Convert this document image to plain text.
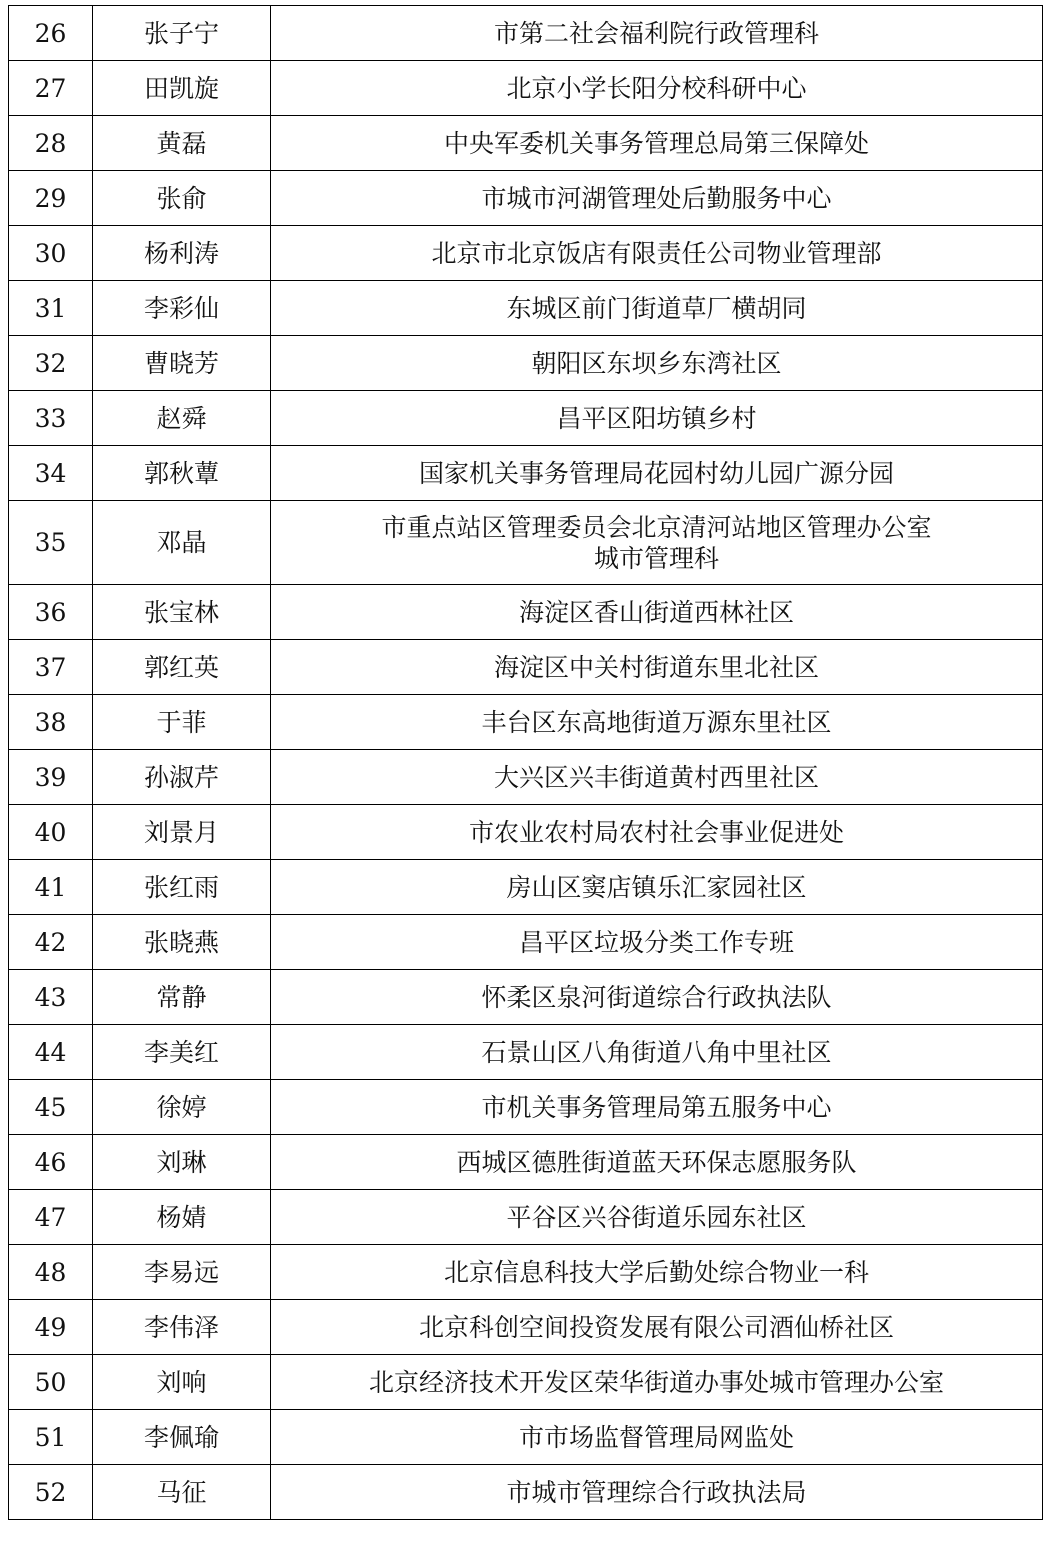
26	张子宁	市第二社会福利院行政管理科

27	田凯旋	北京小学长阳分校科研中心

28	黄磊	中央军委机关事务管理总局第三保障处

29	张俞	市城市河湖管理处后勤服务中心

30	杨利涛	北京市北京饭店有限责任公司物业管理部

31	李彩仙	东城区前门街道草厂横胡同

32	曹晓芳	朝阳区东坝乡东湾社区

33	赵舜	昌平区阳坊镇乡村

34	郭秋蕈	国家机关事务管理局花园村幼儿园广源分园

35	邓晶	市重点站区管理委员会北京清河站地区管理办公室
城市管理科

36	张宝林	海淀区香山街道西林社区

37	郭红英	海淀区中关村街道东里北社区

38	于菲	丰台区东高地街道万源东里社区

39	孙淑芹	大兴区兴丰街道黄村西里社区

40	刘景月	市农业农村局农村社会事业促进处

41	张红雨	房山区窦店镇乐汇家园社区

42	张晓燕	昌平区垃圾分类工作专班

43	常静	怀柔区泉河街道综合行政执法队

44	李美红	石景山区八角街道八角中里社区

45	徐婷	市机关事务管理局第五服务中心

46	刘琳	西城区德胜街道蓝天环保志愿服务队

47	杨婧	平谷区兴谷街道乐园东社区

48	李易远	北京信息科技大学后勤处综合物业一科

49	李伟泽	北京科创空间投资发展有限公司酒仙桥社区

50	刘响	北京经济技术开发区荣华街道办事处城市管理办公室

51	李佩瑜	市市场监督管理局网监处

52	马征	市城市管理综合行政执法局
